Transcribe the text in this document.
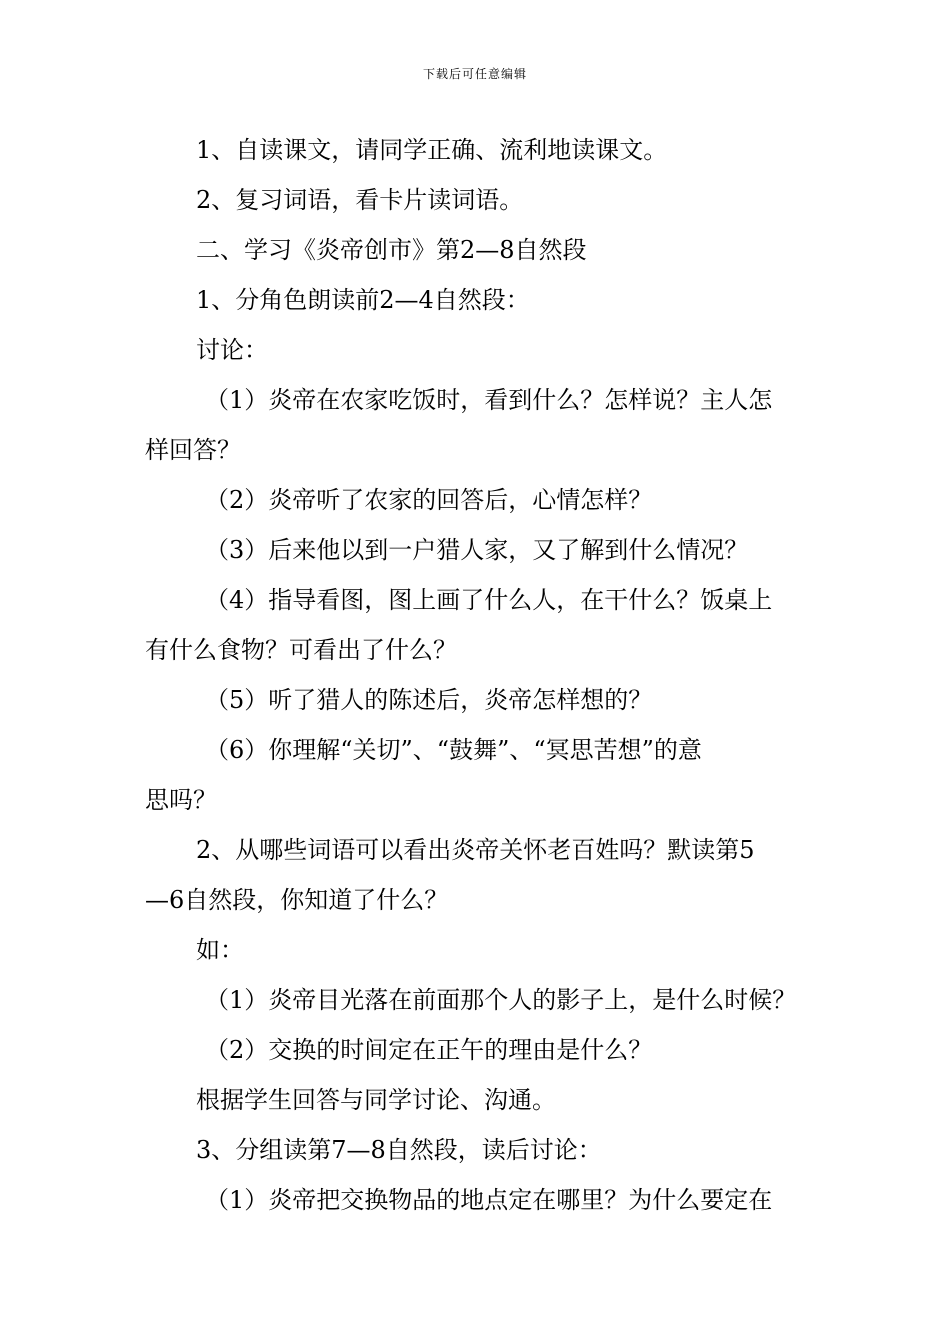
下载后可任意编辑
1、自读课文，请同学正确、流利地读课文。
2、复习词语，看卡片读词语。
二、学习《炎帝创市》第2—8自然段
1、分角色朗读前2—4自然段：
讨论：
（1）炎帝在农家吃饭时，看到什么？怎样说？主人怎
样回答？
（2）炎帝听了农家的回答后，心情怎样？
（3）后来他以到一户猎人家，又了解到什么情况？
（4）指导看图，图上画了什么人，在干什么？饭桌上
有什么食物？可看出了什么？
（5）听了猎人的陈述后，炎帝怎样想的？
（6）你理解“关切”、“鼓舞”、“冥思苦想”的意
思吗？
2、从哪些词语可以看出炎帝关怀老百姓吗？默读第5
—6自然段，你知道了什么？
如：
（1）炎帝目光落在前面那个人的影子上，是什么时候？
（2）交换的时间定在正午的理由是什么？
根据学生回答与同学讨论、沟通。
3、分组读第7—8自然段，读后讨论：
（1）炎帝把交换物品的地点定在哪里？为什么要定在
